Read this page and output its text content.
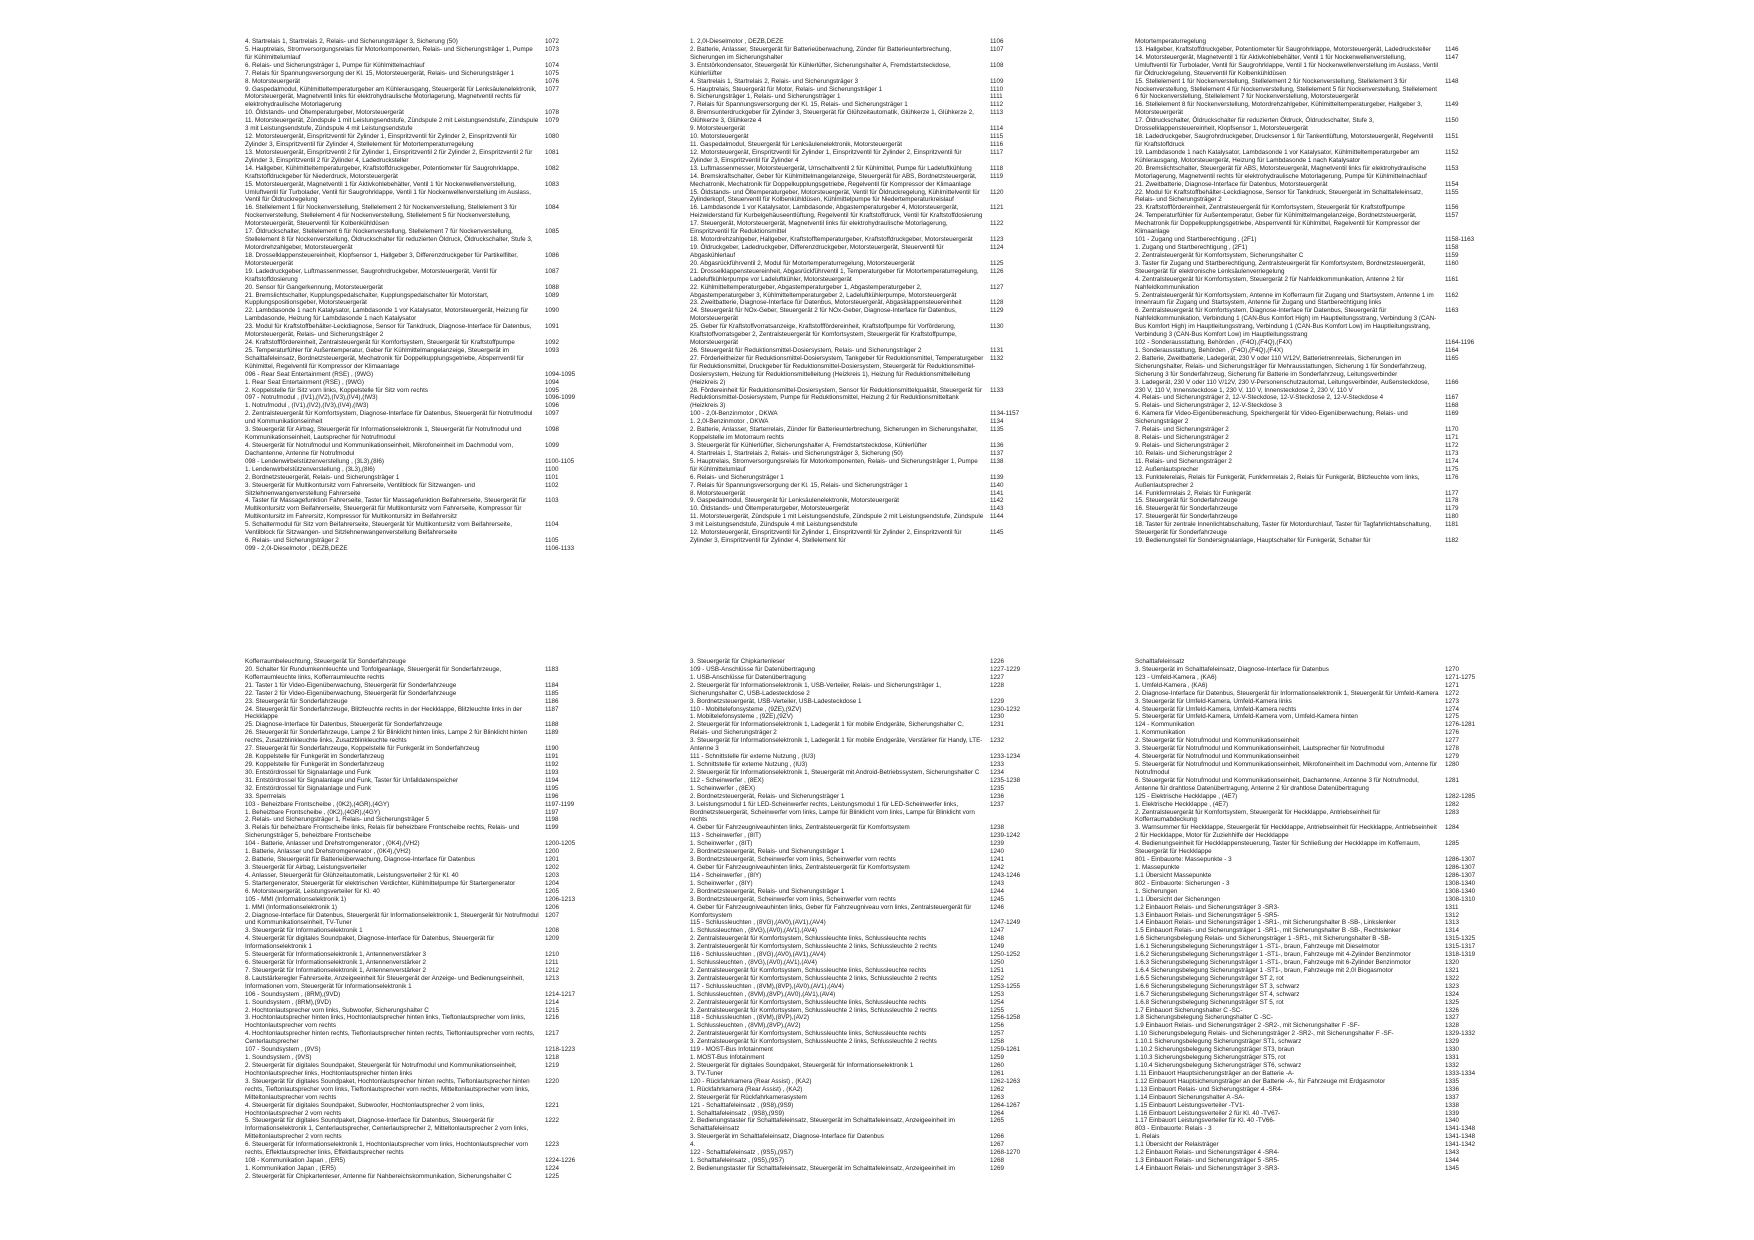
4. Startrelais 1, Startrelais 2, Relais- und Sicherungsträger 3, Sicherung (50)	1072
5. Hauptrelais, Stromversorgungsrelais für Motorkomponenten, Relais- und Sicherungsträger 1, Pumpe für Kühlmittelumlauf
1073
6. Relais- und Sicherungsträger 1, Pumpe für Kühlmittelnachlauf	1074
7. Relais für Spannungsversorgung der Kl. 15, Motorsteuergerät, Relais- und Sicherungsträger 1	1075
8. Motorsteuergerät	1076
9. Gaspedalmodul, Kühlmitteltemperaturgeber am Kühlerausgang, Steuergerät für Lenksäulenelektronik, Motorsteuergerät, Magnetventil links für elektrohydraulische Motorlagerung, Magnetventil rechts für elektrohydraulische Motorlagerung
1077
10. Öldstands- und Öltemperaturgeber, Motorsteuergerät	1078
11. Motorsteuergerät, Zündspule 1 mit Leistungsendstufe, Zündspule 2 mit Leistungsendstufe, Zündspule 3 mit Leistungsendstufe, Zündspule 4 mit Leistungsendstufe
1079
12. Motorsteuergerät, Einspritzventil für Zylinder 1, Einspritzventil für Zylinder 2, Einspritzventil für Zylinder 3, Einspritzventil für Zylinder 4, Stellelement für Motortemperaturregelung
1080
13. Motorsteuergerät, Einspritzventil 2 für Zylinder 1, Einspritzventil 2 für Zylinder 2, Einspritzventil 2 für Zylinder 3, Einspritzventil 2 für Zylinder 4, Ladedrucksteller
1081
14. Hallgeber, Kühlmitteltemperaturgeber, Kraftstoffdruckgeber, Potentiometer für Saugrohrklappe, Kraftstoffdruckgeber für Niederdruck, Motorsteuergerät
1082
15. Motorsteuergerät, Magnetventil 1 für Aktivkohlebehälter, Ventil 1 für Nockenwellenverstellung, Umluftventil für Turbolader, Ventil für Saugrohrklappe, Ventil 1 für Nockenwellenverstellung im Auslass, Ventil für Öldruckregelung
1083
16. Stellelement 1 für Nockenverstellung, Stellelement 2 für Nockenverstellung, Stellelement 3 für Nockenverstellung, Stellelement 4 für Nockenverstellung, Stellelement 5 für Nockenverstellung, Motorsteuergerät, Steuerventil für Kolbenkühldüsen
1084
17. Öldruckschalter, Stellelement 6 für Nockenverstellung, Stellelement 7 für Nockenverstellung, Stellelement 8 für Nockenverstellung, Öldruckschalter für reduzierten Öldruck, Öldruckschalter, Stufe 3, Motordrehzahlgeber, Motorsteuergerät
1085
18. Drosselklappensteuereinheit, Klopfsensor 1, Hallgeber 3, Differenzdruckgeber für Partikelfilter, Motorsteuergerät
1086
19. Ladedruckgeber, Luftmassenmesser, Saugrohrdruckgeber, Motorsteuergerät, Ventil für Kraftstoffdosierung
1087
20. Sensor für Gangerkennung, Motorsteuergerät	1088
21. Bremslichtschalter, Kupplungspedalschalter, Kupplungspedalschalter für Motorstart, Kupplungspositionsgeber, Motorsteuergerät
1089
22. Lambdasonde 1 nach Katalysator, Lambdasonde 1 vor Katalysator, Motorsteuergerät, Heizung für Lambdasonde, Heizung für Lambdasonde 1 nach Katalysator
1090
23. Modul für Kraftstoffbehälter-Leckdiagnose, Sensor für Tankdruck, Diagnose-Interface für Datenbus, Motorsteuergerät, Relais- und Sicherungsträger 2
1091
24. Kraftstofffördereinheit, Zentralsteuergerät für Komfortsystem, Steuergerät für Kraftstoffpumpe	1092
25. Temperaturfühler für Außentemperatur, Geber für Kühlmittelmangelanzeige, Steuergerät im Schalttafeleinsatz, Bordnetzsteuergerät, Mechatronik für Doppelkupplungsgetriebe, Absperrventil für Kühlmittel, Regelventil für Kompressor der Klimaanlage
1093
096 - Rear Seat Entertainment (RSE) , (9WG)	1094-1095
1. Rear Seat Entertainment (RSE) , (9WG)	1094
2. Koppelstelle für Sitz vorn links, Koppelstelle für Sitz vorn rechts	1095
097 - Notrufmodul , (IV1),(IV2),(IV3),(IV4),(IW3)	1096-1099
1. Notrufmodul , (IV1),(IV2),(IV3),(IV4),(IW3)	1096
2. Zentralsteuergerät für Komfortsystem, Diagnose-Interface für Datenbus, Steuergerät für Notrufmodul und Kommunikationseinheit
1097
3. Steuergerät für Airbag, Steuergerät für Informationselektronik 1, Steuergerät für Notrufmodul und Kommunikationseinheit, Lautsprecher für Notrufmodul
1098
4. Steuergerät für Notrufmodul und Kommunikationseinheit, Mikrofoneinheit im Dachmodul vorn, Dachantenne, Antenne für Notrufmodul
1099
098 - Lendenwirbelstützenverstellung , (3L3),(8I6)	1100-1105
1. Lendenwirbelstützenverstellung , (3L3),(8I6)	1100
2. Bordnetzsteuergerät, Relais- und Sicherungsträger 1	1101
3. Steuergerät für Multikontursitz vorn Fahrerseite, Ventilblock für Sitzwangen- und Sitzlehnenwangenverstellung Fahrerseite
1102
4. Taster für Massagefunktion Fahrerseite, Taster für Massagefunktion Beifahrerseite, Steuergerät für Multikontursitz vorn Beifahrerseite, Steuergerät für Multikontursitz vorn Fahrerseite, Kompressor für Multikontursitz im Fahrersitz, Kompressor für Multikontursitz im Beifahrersitz
1103
5. Schaltermodul für Sitz vorn Beifahrerseite, Steuergerät für Multikontursitz vorn Beifahrerseite, Ventilblock für Sitzwangen- und Sitzlehnenwangenverstellung Beifahrerseite
1104
6. Relais- und Sicherungsträger 2	1105
099 - 2,0l-Dieselmotor , DEZB,DEZE	1106-1133
1. 2,0l-Dieselmotor , DEZB,DEZE	1106
2. Batterie, Anlasser, Steuergerät für Batterieüberwachung, Zünder für Batterieunterbrechung, Sicherungen im Sicherungshalter
1107
3. Entstörkondensator, Steuergerät für Kühlerlüfter, Sicherungshalter A, Fremdstartsteckdose, Kühlerlüfter
1108
4. Startrelais 1, Startrelais 2, Relais- und Sicherungsträger 3	1109
5. Hauptrelais, Steuergerät für Motor, Relais- und Sicherungsträger 1	1110
6. Sicherungsträger 1, Relais- und Sicherungsträger 1	1111
7. Relais für Spannungsversorgung der Kl. 15, Relais- und Sicherungsträger 1	1112
8. Bremsunterdruckgeber für Zylinder 3, Steuergerät für Glühzeitautomatik, Glühkerze 1, Glühkerze 2, Glühkerze 3, Glühkerze 4
1113
9. Motorsteuergerät	1114
10. Motorsteuergerät	1115
11. Gaspedalmodul, Steuergerät für Lenksäulenelektronik, Motorsteuergerät	1116
12. Motorsteuergerät, Einspritzventil für Zylinder 1, Einspritzventil für Zylinder 2, Einspritzventil für Zylinder 3, Einspritzventil für Zylinder 4
1117
13. Luftmassenmesser, Motorsteuergerät, Umschaltventil 2 für Kühlmittel, Pumpe für Ladeluftkühlung	1118
14. Bremskraftschalter, Geber für Kühlmittelmangelanzeige, Steuergerät für ABS, Bordnetzsteuergerät, Mechatronik, Mechatronik für Doppelkupplungsgetriebe, Regelventil für Kompressor der Klimaanlage
1119
15. Öldstands- und Öltemperaturgeber, Motorsteuergerät, Ventil für Öldruckregelung, Kühlmittelventil für Zylinderkopf, Steuerventil für Kolbenkühldüsen, Kühlmittelpumpe für Niedertemperaturkreislauf
1120
16. Lambdasonde 1 vor Katalysator, Lambdasonde, Abgastemperaturgeber 4, Motorsteuergerät, Heizwiderstand für Kurbelgehäuseentlüftung, Regelventil für Kraftstoffdruck, Ventil für Kraftstoffdosierung
1121
17. Steuergerät, Motorsteuergerät, Magnetventil links für elektrohydraulische Motorlagerung, Einspritzventil für Reduktionsmittel
1122
18. Motordrehzahlgeber, Hallgeber, Kraftstofftemperaturgeber, Kraftstoffdruckgeber, Motorsteuergerät	1123
19. Öldruckgeber, Ladedruckgeber, Differenzdruckgeber, Motorsteuergerät, Steuerventil für Abgaskühlerlauf
1124
20. Abgasrückführventil 2, Modul für Motortemperaturregelung, Motorsteuergerät	1125
21. Drosselklappensteuereinheit, Abgasrückführventil 1, Temperaturgeber für Motortemperaturregelung, Ladeluftkühlerpumpe vor Ladeluftkühler, Motorsteuergerät
1126
22. Kühlmitteltemperaturgeber, Abgastemperaturgeber 1, Abgastemperaturgeber 2, Abgastemperaturgeber 3, Kühlmitteltemperaturgeber 2, Ladeluftkühlerpumpe, Motorsteuergerät
1127
23. Zweitbatterie, Diagnose-Interface für Datenbus, Motorsteuergerät, Abgasklappensteuereinheit	1128
24. Steuergerät für NOx-Geber, Steuergerät 2 für NOx-Geber, Diagnose-Interface für Datenbus, Motorsteuergerät
1129
25. Geber für Kraftstoffvorratsanzeige, Kraftstofffördereinheit, Kraftstoffpumpe für Vorförderung, Kraftstoffvorratsgeber 2, Zentralsteuergerät für Komfortsystem, Steuergerät für Kraftstoffpumpe, Motorsteuergerät
1130
26. Steuergerät für Reduktionsmittel-Dosiersystem, Relais- und Sicherungsträger 2	1131
27. Förderleitheizer für Reduktionsmittel-Dosiersystem, Tankgeber für Reduktionsmittel, Temperaturgeber für Reduktionsmittel, Druckgeber für Reduktionsmittel-Dosiersystem, Steuergerät für Reduktionsmittel-Dosiersystem, Heizung für Reduktionsmittelleitung (Heizkreis 1), Heizung für Reduktionsmittelleitung (Heizkreis 2)
1132
28. Fördereinheit für Reduktionsmittel-Dosiersystem, Sensor für Reduktionsmittelqualität, Steuergerät für Reduktionsmittel-Dosiersystem, Pumpe für Reduktionsmittel, Heizung 2 für Reduktionsmitteltank (Heizkreis 3)
1133
100 - 2,0l-Benzinmotor , DKWA	1134-1157
1. 2,0l-Benzinmotor , DKWA	1134
2. Batterie, Anlasser, Starterrelais, Zünder für Batterieunterbrechung, Sicherungen im Sicherungshalter, Koppelstelle im Motorraum rechts
1135
3. Steuergerät für Kühlerlüfter, Sicherungshalter A, Fremdstartsteckdose, Kühlerlüfter	1136
4. Startrelais 1, Startrelais 2, Relais- und Sicherungsträger 3, Sicherung (50)	1137
5. Hauptrelais, Stromversorgungsrelais für Motorkomponenten, Relais- und Sicherungsträger 1, Pumpe für Kühlmittelumlauf
1138
6. Relais- und Sicherungsträger 1	1139
7. Relais für Spannungsversorgung der Kl. 15, Relais- und Sicherungsträger 1	1140
8. Motorsteuergerät	1141
9. Gaspedalmodul, Steuergerät für Lenksäulenelektronik, Motorsteuergerät	1142
10. Öldstands- und Öltemperaturgeber, Motorsteuergerät	1143
11. Motorsteuergerät, Zündspule 1 mit Leistungsendstufe, Zündspule 2 mit Leistungsendstufe, Zündspule 3 mit Leistungsendstufe, Zündspule 4 mit Leistungsendstufe
1144
12. Motorsteuergerät, Einspritzventil für Zylinder 1, Einspritzventil für Zylinder 2, Einspritzventil für Zylinder 3, Einspritzventil für Zylinder 4, Stellelement für
1145
Motortemperaturregelung
13. Hallgeber, Kraftstoffdruckgeber, Potentiometer für Saugrohrklappe, Motorsteuergerät, Ladedrucksteller	1146
14. Motorsteuergerät, Magnetventil 1 für Aktivkohlebehälter, Ventil 1 für Nockenwellenverstellung, Umluftventil für Turbolader, Ventil für Saugrohrklappe, Ventil 1 für Nockenwellenverstellung im Auslass, Ventil für Öldruckregelung, Steuerventil für Kolbenkühldüsen
1147
15. Stellelement 1 für Nockenverstellung, Stellelement 2 für Nockenverstellung, Stellelement 3 für Nockenverstellung, Stellelement 4 für Nockenverstellung, Stellelement 5 für Nockenverstellung, Stellelement 6 für Nockenverstellung, Stellelement 7 für Nockenverstellung, Motorsteuergerät
1148
16. Stellelement 8 für Nockenverstellung, Motordrehzahlgeber, Kühlmitteltemperaturgeber, Hallgeber 3, Motorsteuergerät
1149
17. Öldruckschalter, Öldruckschalter für reduzierten Öldruck, Öldruckschalter, Stufe 3, Drosselklappensteuereinheit, Klopfsensor 1, Motorsteuergerät
1150
18. Ladedruckgeber, Saugrohrdruckgeber, Drucksensor 1 für Tankentlüftung, Motorsteuergerät, Regelventil für Kraftstoffdruck
1151
19. Lambdasonde 1 nach Katalysator, Lambdasonde 1 vor Katalysator, Kühlmitteltemperaturgeber am Kühlerausgang, Motorsteuergerät, Heizung für Lambdasonde 1 nach Katalysator
1152
20. Bremslichtschalter, Steuergerät für ABS, Motorsteuergerät, Magnetventil links für elektrohydraulische Motorlagerung, Magnetventil rechts für elektrohydraulische Motorlagerung, Pumpe für Kühlmittelnachlauf
1153
21. Zweitbatterie, Diagnose-Interface für Datenbus, Motorsteuergerät	1154
22. Modul für Kraftstoffbehälter-Leckdiagnose, Sensor für Tankdruck, Steuergerät im Schalttafeleinsatz, Relais- und Sicherungsträger 2
1155
23. Kraftstofffördereinheit, Zentralsteuergerät für Komfortsystem, Steuergerät für Kraftstoffpumpe	1156
24. Temperaturfühler für Außentemperatur, Geber für Kühlmittelmangelanzeige, Bordnetzsteuergerät, Mechatronik für Doppelkupplungsgetriebe, Absperrventil für Kühlmittel, Regelventil für Kompressor der Klimaanlage
1157
101 - Zugang und Startberechtigung , (2F1)	1158-1163
1. Zugang und Startberechtigung , (2F1)	1158
2. Zentralsteuergerät für Komfortsystem, Sicherungshalter C	1159
3. Taster für Zugang und Startberechtigung, Zentralsteuergerät für Komfortsystem, Bordnetzsteuergerät, Steuergerät für elektronische Lenksäulenverriegelung
1160
4. Zentralsteuergerät für Komfortsystem, Steuergerät 2 für Nahfeldkommunikation, Antenne 2 für Nahfeldkommunikation
1161
5. Zentralsteuergerät für Komfortsystem, Antenne im Kofferraum für Zugang und Startsystem, Antenne 1 im Innenraum für Zugang und Startsystem, Antenne für Zugang und Startberechtigung links
1162
6. Zentralsteuergerät für Komfortsystem, Diagnose-Interface für Datenbus, Steuergerät für Nahfeldkommunikation, Verbindung 1 (CAN-Bus Komfort High) im Hauptleitungsstrang, Verbindung 3 (CAN-Bus Komfort High) im Hauptleitungsstrang, Verbindung 1 (CAN-Bus Komfort Low) im Hauptleitungsstrang, Verbindung 3 (CAN-Bus Komfort Low) im Hauptleitungsstrang
1163
102 - Sonderausstattung, Behörden , (F4O),(F4Q),(F4X)	1164-1196
1. Sonderausstattung, Behörden , (F4O),(F4Q),(F4X)	1164
2. Batterie, Zweitbatterie, Ladegerät, 230 V oder 110 V/12V, Batterietrennrelais, Sicherungen im Sicherungshalter, Relais- und Sicherungsträger für Mehrausstattungen, Sicherung 1 für Sonderfahrzeug, Sicherung 3 für Sonderfahrzeug, Sicherung für Batterie im Sonderfahrzeug, Leitungsverbinder
1165
3. Ladegerät, 230 V oder 110 V/12V, 230 V-Personenschutzautomat, Leitungsverbinder, Außensteckdose, 230 V, 110 V, Innensteckdose 1, 230 V, 110 V, Innensteckdose 2, 230 V, 110 V
1166
4. Relais- und Sicherungsträger 2, 12-V-Steckdose, 12-V-Steckdose 2, 12-V-Steckdose 4	1167
5. Relais- und Sicherungsträger 2, 12-V-Steckdose 3	1168
6. Kamera für Video-Eigenüberwachung, Speichergerät für Video-Eigenüberwachung, Relais- und Sicherungsträger 2
1169
7. Relais- und Sicherungsträger 2	1170
8. Relais- und Sicherungsträger 2	1171
9. Relais- und Sicherungsträger 2	1172
10. Relais- und Sicherungsträger 2	1173
11. Relais- und Sicherungsträger 2	1174
12. Außenlautsprecher	1175
13. Funktelerelais, Relais für Funkgerät, Funkfernrelais 2, Relais für Funkgerät, Blitzleuchte vorn links, Außenlautsprecher 2
1176
14. Funkfernrelais 2, Relais für Funkgerät	1177
15. Steuergerät für Sonderfahrzeuge	1178
16. Steuergerät für Sonderfahrzeuge	1179
17. Steuergerät für Sonderfahrzeuge	1180
18. Taster für zentrale Innenlichtabschaltung, Taster für Motordurchlauf, Taster für Tagfahrlichtabschaltung, Steuergerät für Sonderfahrzeuge
1181
19. Bedienungsteil für Sondersignalanlage, Hauptschalter für Funkgerät, Schalter für	1182
Kofferraumbeleuchtung, Steuergerät für Sonderfahrzeuge
20. Schalter für Rundumkennleuchte und Tonfolgeanlage, Steuergerät für Sonderfahrzeuge, Kofferraumleuchte links, Kofferraumleuchte rechts
1183
21. Taster 1 für Video-Eigenüberwachung, Steuergerät für Sonderfahrzeuge	1184
22. Taster 2 für Video-Eigenüberwachung, Steuergerät für Sonderfahrzeuge	1185
23. Steuergerät für Sonderfahrzeuge	1186
24. Steuergerät für Sonderfahrzeuge, Blitzleuchte rechts in der Heckklappe, Blitzleuchte links in der Heckklappe
1187
25. Diagnose-Interface für Datenbus, Steuergerät für Sonderfahrzeuge	1188
26. Steuergerät für Sonderfahrzeuge, Lampe 2 für Blinklicht hinten links, Lampe 2 für Blinklicht hinten rechts, Zusatzblinkleuchte links, Zusatzblinkleuchte rechts
1189
27. Steuergerät für Sonderfahrzeuge, Koppelstelle für Funkgerät im Sonderfahrzeug	1190
28. Koppelstelle für Funkgerät im Sonderfahrzeug	1191
29. Koppelstelle für Funkgerät im Sonderfahrzeug	1192
30. Entstördrossel für Signalanlage und Funk	1193
31. Entstördrossel für Signalanlage und Funk, Taster für Unfalldatenspeicher	1194
32. Entstördrossel für Signalanlage und Funk	1195
33. Sperrrelais	1196
103 - Beheizbare Frontscheibe , (0K2),(4GR),(4GY)	1197-1199
1. Beheizbare Frontscheibe , (0K2),(4GR),(4GY)	1197
2. Relais- und Sicherungsträger 1, Relais- und Sicherungsträger 5	1198
3. Relais für beheizbare Frontscheibe links, Relais für beheizbare Frontscheibe rechts, Relais- und Sicherungsträger 5, beheizbare Frontscheibe
1199
104 - Batterie, Anlasser und Drehstromgenerator , (0K4),(VH2)	1200-1205
1. Batterie, Anlasser und Drehstromgenerator , (0K4),(VH2)	1200
2. Batterie, Steuergerät für Batterieüberwachung, Diagnose-Interface für Datenbus	1201
3. Steuergerät für Airbag, Leistungsverteiler	1202
4. Anlasser, Steuergerät für Glühzeitautomatik, Leistungsverteiler 2 für Kl. 40	1203
5. Startergenerator, Steuergerät für elektrischen Verdichter, Kühlmittelpumpe für Startergenerator	1204
6. Motorsteuergerät, Leistungsverteiler für Kl. 40	1205
105 - MMI (Informationselektronik 1)	1206-1213
1. MMI (Informationselektronik 1)	1206
2. Diagnose-Interface für Datenbus, Steuergerät für Informationselektronik 1, Steuergerät für Notrufmodul und Kommunikationseinheit, TV-Tuner
1207
3. Steuergerät für Informationselektronik 1	1208
4. Steuergerät für digitales Soundpaket, Diagnose-Interface für Datenbus, Steuergerät für Informationselektronik 1
1209
5. Steuergerät für Informationselektronik 1, Antennenverstärker 3	1210
6. Steuergerät für Informationselektronik 1, Antennenverstärker 2	1211
7. Steuergerät für Informationselektronik 1, Antennenverstärker 2	1212
8. Lautstärkeregler Fahrerseite, Anzeigeeinheit für Steuergerät der Anzeige- und Bedienungseinheit, Informationen vorn, Steuergerät für Informationselektronik 1
1213
106 - Soundsystem , (8RM),(9VD)	1214-1217
1. Soundsystem , (8RM),(9VD)	1214
2. Hochtonlautsprecher vorn links, Subwoofer, Sicherungshalter C	1215
3. Hochtonlautsprecher hinten links, Hochtonlautsprecher hinten links, Tieftonlautsprecher vorn links, Hochtonlautsprecher vorn rechts
1216
4. Hochtonlautsprecher hinten rechts, Tieftonlautsprecher hinten rechts, Tieftonlautsprecher vorn rechts, Centerlautsprecher
1217
107 - Soundsystem , (9VS)	1218-1223
1. Soundsystem , (9VS)	1218
2. Steuergerät für digitales Soundpaket, Steuergerät für Notrufmodul und Kommunikationseinheit, Hochtonlautsprecher links, Hochtonlautsprecher hinten links
1219
3. Steuergerät für digitales Soundpaket, Hochtonlautsprecher hinten rechts, Tieftonlautsprecher hinten rechts, Tieftonlautsprecher vorn links, Tieftonlautsprecher vorn rechts, Mitteltonlautsprecher vorn links, Mitteltonlautsprecher vorn rechts
1220
4. Steuergerät für digitales Soundpaket, Subwoofer, Hochtonlautsprecher 2 vorn links, Hochtonlautsprecher 2 vorn rechts
1221
5. Steuergerät für digitales Soundpaket, Diagnose-Interface für Datenbus, Steuergerät für Informationselektronik 1, Centerlautsprecher, Centerlautsprecher 2, Mitteltonlautsprecher 2 vorn links, Mitteltonlautsprecher 2 vorn rechts
1222
6. Steuergerät für Informationselektronik 1, Hochtonlautsprecher vorn links, Hochtonlautsprecher vorn rechts, Effektlautsprecher links, Effektlautsprecher rechts
1223
108 - Kommunikation Japan , (ER5)	1224-1226
1. Kommunikation Japan , (ER5)	1224
2. Steuergerät für Chipkartenleser, Antenne für Nahbereichskommunikation, Sicherungshalter C	1225
3. Steuergerät für Chipkartenleser	1226
109 - USB-Anschlüsse für Datenübertragung	1227-1229
1. USB-Anschlüsse für Datenübertragung	1227
2. Steuergerät für Informationselektronik 1, USB-Verteiler, Relais- und Sicherungsträger 1, Sicherungshalter C, USB-Ladesteckdose 2
1228
3. Bordnetzsteuergerät, USB-Verteiler, USB-Ladesteckdose 1	1229
110 - Mobiltelefonsysteme , (9ZE),(9ZV)	1230-1232
1. Mobiltelefonsysteme , (9ZE),(9ZV)	1230
2. Steuergerät für Informationselektronik 1, Ladegerät 1 für mobile Endgeräte, Sicherungshalter C, Relais- und Sicherungsträger 2
1231
3. Steuergerät für Informationselektronik 1, Ladegerät 1 für mobile Endgeräte, Verstärker für Handy, LTE-Antenne 3
1232
111 - Schnittstelle für externe Nutzung , (IU3)	1233-1234
1. Schnittstelle für externe Nutzung , (IU3)	1233
2. Steuergerät für Informationselektronik 1, Steuergerät mit Android-Betriebssystem, Sicherungshalter C	1234
112 - Scheinwerfer , (8EX)	1235-1238
1. Scheinwerfer , (8EX)	1235
2. Bordnetzsteuergerät, Relais- und Sicherungsträger 1	1236
3. Leistungsmodul 1 für LED-Scheinwerfer rechts, Leistungsmodul 1 für LED-Scheinwerfer links, Bordnetzsteuergerät, Scheinwerfer vorn links, Lampe für Blinklicht vorn links, Lampe für Blinklicht vorn rechts
1237
4. Geber für Fahrzeugniveauhinten links, Zentralsteuergerät für Komfortsystem	1238
113 - Scheinwerfer , (8IT)	1239-1242
1. Scheinwerfer , (8IT)	1239
2. Bordnetzsteuergerät, Relais- und Sicherungsträger 1	1240
3. Bordnetzsteuergerät, Scheinwerfer vorn links, Scheinwerfer vorn rechts	1241
4. Geber für Fahrzeugniveauhinten links, Zentralsteuergerät für Komfortsystem	1242
114 - Scheinwerfer , (8IY)	1243-1246
1. Scheinwerfer , (8IY)	1243
2. Bordnetzsteuergerät, Relais- und Sicherungsträger 1	1244
3. Bordnetzsteuergerät, Scheinwerfer vorn links, Scheinwerfer vorn rechts	1245
4. Geber für Fahrzeugniveauhinten links, Geber für Fahrzeugniveau vorn links, Zentralsteuergerät für Komfortsystem
1246
115 - Schlussleuchten , (8VG),(AV0),(AV1),(AV4)	1247-1249
1. Schlussleuchten , (8VG),(AV0),(AV1),(AV4)	1247
2. Zentralsteuergerät für Komfortsystem, Schlussleuchte links, Schlussleuchte rechts	1248
3. Zentralsteuergerät für Komfortsystem, Schlussleuchte 2 links, Schlussleuchte 2 rechts	1249
116 - Schlussleuchten , (8VG),(AV0),(AV1),(AV4)	1250-1252
1. Schlussleuchten , (8VG),(AV0),(AV1),(AV4)	1250
2. Zentralsteuergerät für Komfortsystem, Schlussleuchte links, Schlussleuchte rechts	1251
3. Zentralsteuergerät für Komfortsystem, Schlussleuchte 2 links, Schlussleuchte 2 rechts	1252
117 - Schlussleuchten , (8VM),(8VP),(AV0),(AV1),(AV4)	1253-1255
1. Schlussleuchten , (8VM),(8VP),(AV0),(AV1),(AV4)	1253
2. Zentralsteuergerät für Komfortsystem, Schlussleuchte links, Schlussleuchte rechts	1254
3. Zentralsteuergerät für Komfortsystem, Schlussleuchte 2 links, Schlussleuchte 2 rechts	1255
118 - Schlussleuchten , (8VM),(8VP),(AV2)	1256-1258
1. Schlussleuchten , (8VM),(8VP),(AV2)	1256
2. Zentralsteuergerät für Komfortsystem, Schlussleuchte links, Schlussleuchte rechts	1257
3. Zentralsteuergerät für Komfortsystem, Schlussleuchte 2 links, Schlussleuchte 2 rechts	1258
119 - MOST-Bus Infotainment	1259-1261
1. MOST-Bus Infotainment	1259
2. Steuergerät für digitales Soundpaket, Steuergerät für Informationselektronik 1	1260
3. TV-Tuner	1261
120 - Rückfahrkamera (Rear Assist) , (KA2)	1262-1263
1. Rückfahrkamera (Rear Assist) , (KA2)	1262
2. Steuergerät für Rückfahrkamerasystem	1263
121 - Schalttafeleinsatz , (9S8),(9S9)	1264-1267
1. Schalttafeleinsatz , (9S8),(9S9)	1264
2. Bedienungstaster für Schalttafeleinsatz, Steuergerät im Schalttafeleinsatz, Anzeigeeinheit im Schalttafeleinsatz
1265
3. Steuergerät im Schalttafeleinsatz, Diagnose-Interface für Datenbus	1266
4.	1267
122 - Schalttafeleinsatz , (9S5),(9S7)	1268-1270
1. Schalttafeleinsatz , (9S5),(9S7)	1268
2. Bedienungstaster für Schalttafeleinsatz, Steuergerät im Schalttafeleinsatz, Anzeigeeinheit im	1269
Schalttafeleinsatz
3. Steuergerät im Schalttafeleinsatz, Diagnose-Interface für Datenbus	1270
123 - Umfeld-Kamera , (KA6)	1271-1275
1. Umfeld-Kamera , (KA6)	1271
2. Diagnose-Interface für Datenbus, Steuergerät für Informationselektronik 1, Steuergerät für Umfeld-Kamera	1272
3. Steuergerät für Umfeld-Kamera, Umfeld-Kamera links	1273
4. Steuergerät für Umfeld-Kamera, Umfeld-Kamera rechts	1274
5. Steuergerät für Umfeld-Kamera, Umfeld-Kamera vorn, Umfeld-Kamera hinten	1275
124 - Kommunikation	1276-1281
1. Kommunikation	1276
2. Steuergerät für Notrufmodul und Kommunikationseinheit	1277
3. Steuergerät für Notrufmodul und Kommunikationseinheit, Lautsprecher für Notrufmodul	1278
4. Steuergerät für Notrufmodul und Kommunikationseinheit	1279
5. Steuergerät für Notrufmodul und Kommunikationseinheit, Mikrofoneinheit im Dachmodul vorn, Antenne für Notrufmodul
1280
6. Steuergerät für Notrufmodul und Kommunikationseinheit, Dachantenne, Antenne 3 für Notrufmodul, Antenne für drahtlose Datenübertragung, Antenne 2 für drahtlose Datenübertragung
1281
125 - Elektrische Heckklappe , (4E7)	1282-1285
1. Elektrische Heckklappe , (4E7)	1282
2. Zentralsteuergerät für Komfortsystem, Steuergerät für Heckklappe, Antriebseinheit für Kofferraumabdeckung
1283
3. Warnsummer für Heckklappe, Steuergerät für Heckklappe, Antriebseinheit für Heckklappe, Antriebseinheit 2 für Heckklappe, Motor für Zuziehhilfe der Heckklappe
1284
4. Bedienungseinheit für Heckklappensteuerung, Taster für Schließung der Heckklappe im Kofferraum, Steuergerät für Heckklappe
1285
801 - Einbauorte: Massepunkte - 3	1286-1307
1. Massepunkte	1286-1307
1.1 Übersicht Massepunkte	1286-1307
802 - Einbauorte: Sicherungen - 3	1308-1340
1. Sicherungen	1308-1340
1.1 Übersicht der Sicherungen	1308-1310
1.2 Einbauort Relais- und Sicherungsträger 3 -SR3-	1311
1.3 Einbauort Relais- und Sicherungsträger 5 -SR5-	1312
1.4 Einbauort Relais- und Sicherungsträger 1 -SR1-, mit Sicherungshalter B -SB-, Linkslenker	1313
1.5 Einbauort Relais- und Sicherungsträger 1 -SR1-, mit Sicherungshalter B -SB-, Rechtslenker	1314
1.6 Sicherungsbelegung Relais- und Sicherungsträger 1 -SR1-, mit Sicherungshalter B -SB-	1315-1325
1.6.1 Sicherungsbelegung Sicherungsträger 1 -ST1-, braun, Fahrzeuge mit Dieselmotor	1315-1317
1.6.2 Sicherungsbelegung Sicherungsträger 1 -ST1-, braun, Fahrzeuge mit 4-Zylinder Benzinmotor	1318-1319
1.6.3 Sicherungsbelegung Sicherungsträger 1 -ST1-, braun, Fahrzeuge mit 6-Zylinder Benzinmotor	1320
1.6.4 Sicherungsbelegung Sicherungsträger 1 -ST1-, braun, Fahrzeuge mit 2,0l Biogasmotor	1321
1.6.5 Sicherungsbelegung Sicherungsträger ST 2, rot	1322
1.6.6 Sicherungsbelegung Sicherungsträger ST 3, schwarz	1323
1.6.7 Sicherungsbelegung Sicherungsträger ST 4, schwarz	1324
1.6.8 Sicherungsbelegung Sicherungsträger ST 5, rot	1325
1.7 Einbauort Sicherungshalter C -SC-	1326
1.8 Sicherungsbelegung Sicherungshalter C -SC-	1327
1.9 Einbauort Relais- und Sicherungsträger 2 -SR2-, mit Sicherungshalter F -SF-	1328
1.10 Sicherungsbelegung Relais- und Sicherungsträger 2 -SR2-, mit Sicherungshalter F -SF-	1329-1332
1.10.1 Sicherungsbelegung Sicherungsträger ST1, schwarz	1329
1.10.2 Sicherungsbelegung Sicherungsträger ST3, braun	1330
1.10.3 Sicherungsbelegung Sicherungsträger ST5, rot	1331
1.10.4 Sicherungsbelegung Sicherungsträger ST6, schwarz	1332
1.11 Einbauort Hauptsicherungsträger an der Batterie -A-	1333-1334
1.12 Einbauort Hauptsicherungsträger an der Batterie -A-, für Fahrzeuge mit Erdgasmotor	1335
1.13 Einbauort Relais- und Sicherungsträger 4 -SR4-	1336
1.14 Einbauort Sicherungshalter A -SA-	1337
1.15 Einbauort Leistungsverteiler -TV1-	1338
1.16 Einbauort Leistungsverteiler 2 für Kl. 40 -TV67-	1339
1.17 Einbauort Leistungsverteiler für Kl. 40 -TV66-	1340
803 - Einbauorte: Relais - 3	1341-1348
1. Relais	1341-1348
1.1 Übersicht der Relaisträger	1341-1342
1.2 Einbauort Relais- und Sicherungsträger 4 -SR4-	1343
1.3 Einbauort Relais- und Sicherungsträger 5 -SR5-	1344
1.4 Einbauort Relais- und Sicherungsträger 3 -SR3-	1345
